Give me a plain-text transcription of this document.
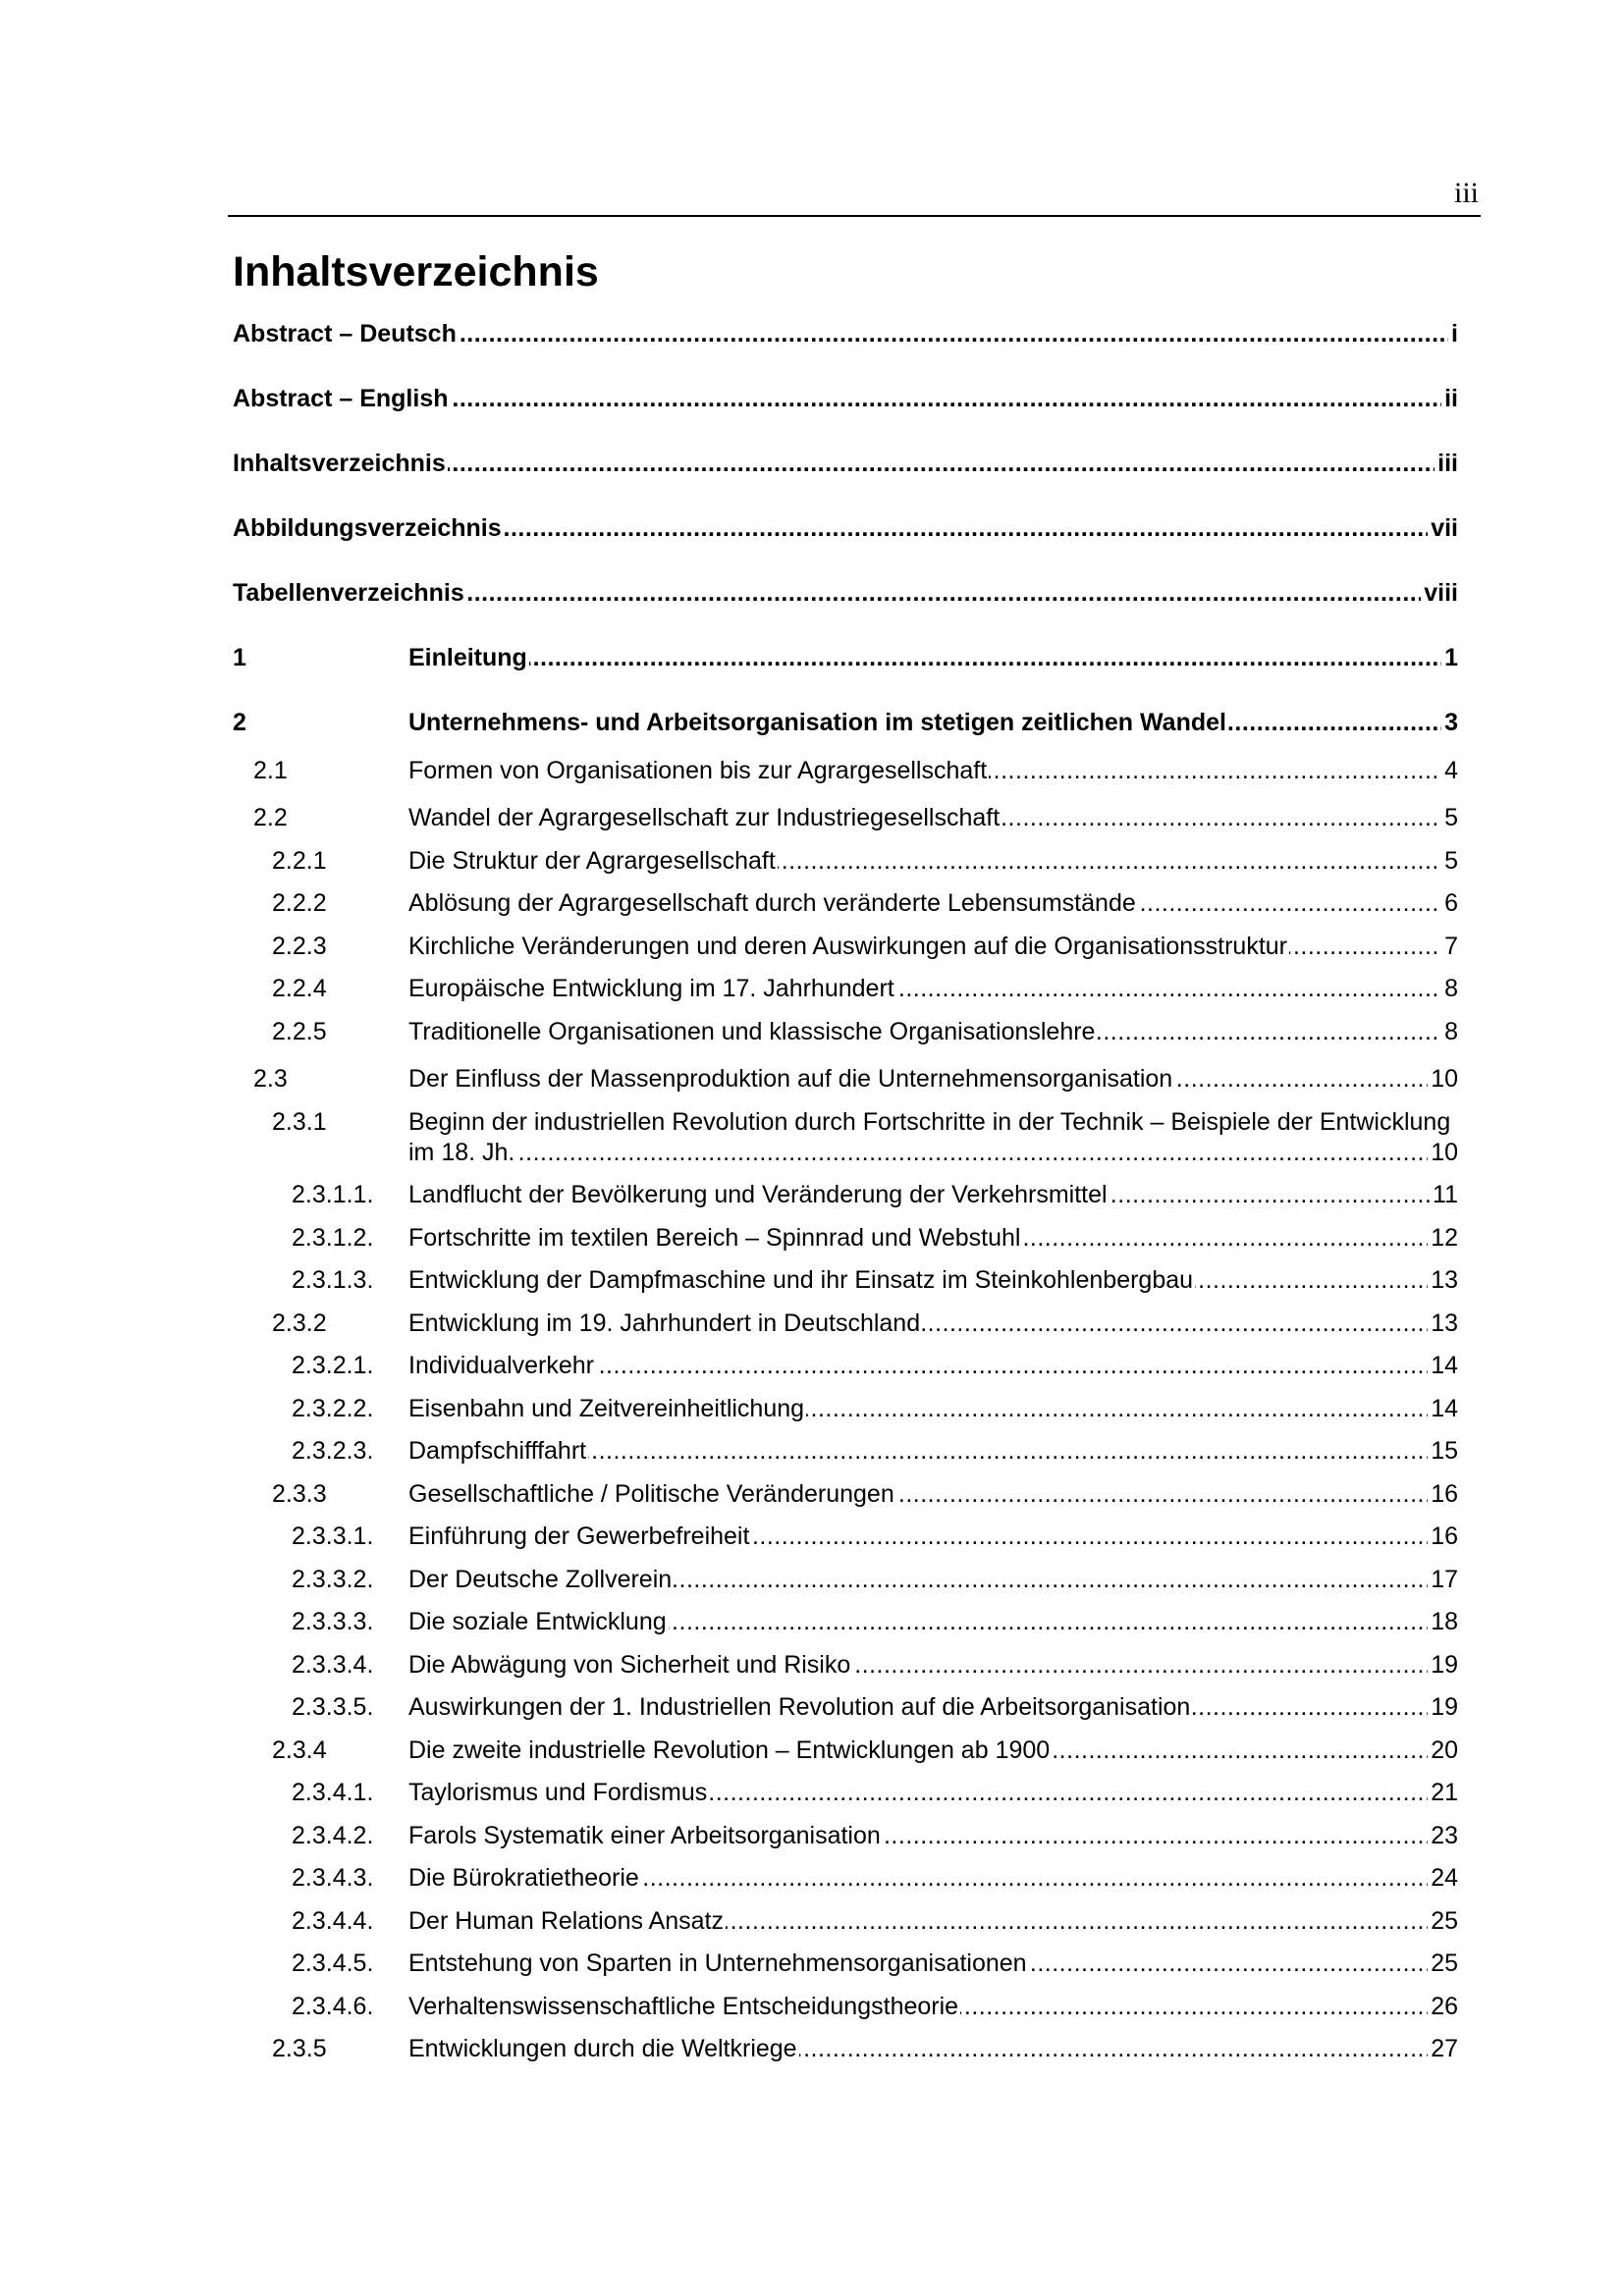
iii
Inhaltsverzeichnis
Abstract – Deutsch	i
.....
Abstract – English	ii
.....
Inhaltsverzeichnis	iii
.....
Abbildungsverzeichnis	vii
.....
Tabellenverzeichnis	viii
.....
1	Einleitung	1
.....
2	Unternehmens- und Arbeitsorganisation im stetigen zeitlichen Wandel	3
.....
2.1	Formen von Organisationen bis zur Agrargesellschaft	4
.....
2.2	Wandel der Agrargesellschaft zur Industriegesellschaft	5
.....
2.2.1	Die Struktur der Agrargesellschaft	5
.....
2.2.2	Ablösung der Agrargesellschaft durch veränderte Lebensumstände	6
.....
2.2.3	Kirchliche Veränderungen und deren Auswirkungen auf die Organisationsstruktur	7
.....
2.2.4	Europäische Entwicklung im 17. Jahrhundert	8
.....
2.2.5	Traditionelle Organisationen und klassische Organisationslehre	8
.....
2.3	Der Einfluss der Massenproduktion auf die Unternehmensorganisation	10
.....
2.3.1	Beginn der industriellen Revolution durch Fortschritte in der Technik – Beispiele der Entwicklung im 18. Jh.	10
.....
2.3.1.1.	Landflucht der Bevölkerung und Veränderung der Verkehrsmittel	11
.....
2.3.1.2.	Fortschritte im textilen Bereich – Spinnrad und Webstuhl	12
.....
2.3.1.3.	Entwicklung der Dampfmaschine und ihr Einsatz im Steinkohlenbergbau	13
.....
2.3.2	Entwicklung im 19. Jahrhundert in Deutschland	13
.....
2.3.2.1.	Individualverkehr	14
.....
2.3.2.2.	Eisenbahn und Zeitvereinheitlichung	14
.....
2.3.2.3.	Dampfschifffahrt	15
.....
2.3.3	Gesellschaftliche / Politische Veränderungen	16
.....
2.3.3.1.	Einführung der Gewerbefreiheit	16
.....
2.3.3.2.	Der Deutsche Zollverein	17
.....
2.3.3.3.	Die soziale Entwicklung	18
.....
2.3.3.4.	Die Abwägung von Sicherheit und Risiko	19
.....
2.3.3.5.	Auswirkungen der 1. Industriellen Revolution auf die Arbeitsorganisation	19
.....
2.3.4	Die zweite industrielle Revolution – Entwicklungen ab 1900	20
.....
2.3.4.1.	Taylorismus und Fordismus	21
.....
2.3.4.2.	Farols Systematik einer Arbeitsorganisation	23
.....
2.3.4.3.	Die Bürokratietheorie	24
.....
2.3.4.4.	Der Human Relations Ansatz	25
.....
2.3.4.5.	Entstehung von Sparten in Unternehmensorganisationen	25
.....
2.3.4.6.	Verhaltenswissenschaftliche Entscheidungstheorie	26
.....
2.3.5	Entwicklungen durch die Weltkriege	27
.....
